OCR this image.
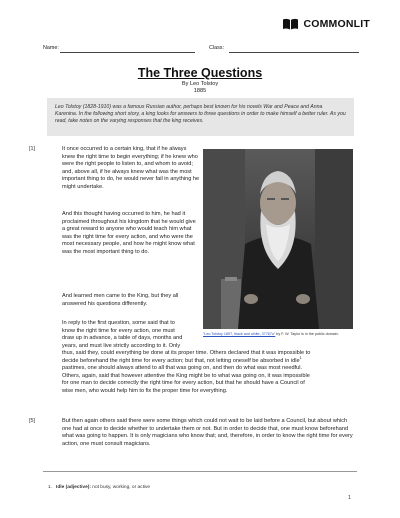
COMMONLIT
Name:	Class:
The Three Questions
By Leo Tolstoy
1885
Leo Tolstoy (1828-1910) was a famous Russian author, perhaps best known for his novels War and Peace and Anna Karenina. In the following short story, a king looks for answers to three questions in order to make himself a better ruler. As you read, take notes on the varying responses that the king receives.
[1]	It once occurred to a certain king, that if he always knew the right time to begin everything; if he knew who were the right people to listen to, and whom to avoid; and, above all, if he always knew what was the most important thing to do, he would never fail in anything he might undertake.
And this thought having occurred to him, he had it proclaimed throughout his kingdom that he would give a great reward to anyone who would teach him what was the right time for every action, and who were the most necessary people, and how he might know what was the most important thing to do.
And learned men came to the King, but they all answered his questions differently.
In reply to the first question, some said that to
know the right time for every action, one must
draw up in advance, a table of days, months and
years, and must live strictly according to it. Only
thus, said they, could everything be done at its proper time. Others declared that it was impossible to
decide beforehand the right time for every action; but that, not letting oneself be absorbed in idle$^1$
pastimes, one should always attend to all that was going on, and then do what was most needful.
Others, again, said that however attentive the King might be to what was going on, it was impossible
for one man to decide correctly the right time for every action, but that he should have a Council of
wise men, who would help him to fix the proper time for everything.
[5]	But then again others said there were some things which could not wait to be laid before a Council, but about which one had at once to decide whether to undertake them or not. But in order to decide that, one must know beforehand what was going to happen. It is only magicians who know that; and, therefore, in order to know the right time for every action, one must consult magicians.
"Leo Tolstoy 1897, black and white, 37767u" by F. W. Taylor is in the public domain.
1. Idle (adjective): not busy, working, or active
1
